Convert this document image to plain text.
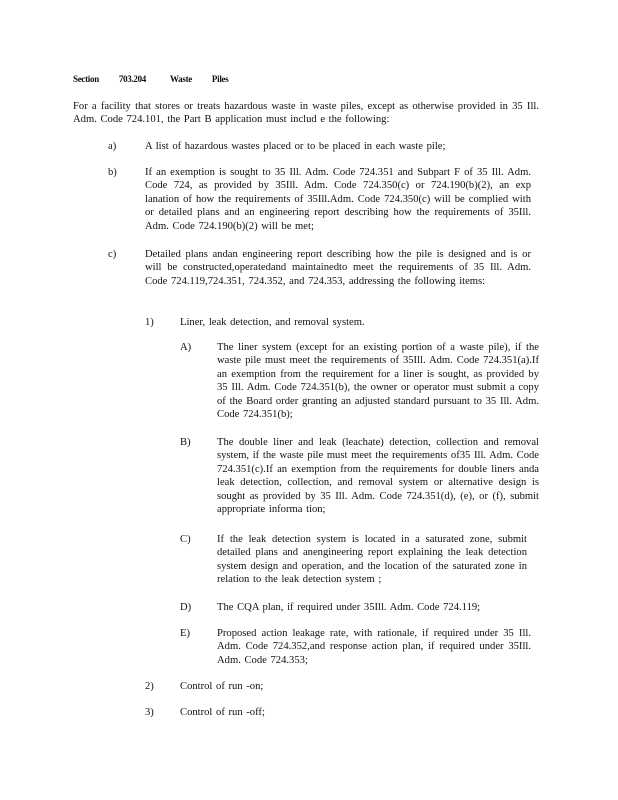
Section 703.204	Waste Piles

For a facility that stores or treats hazardous waste in waste piles, except as otherwise provided in 35 Ill. Adm. Code 724.101, the Part B application must includ e the following:

a)	A list of hazardous wastes placed or to be placed in each waste pile;

b)	If an exemption is sought to 35 Ill. Adm. Code 724.351 and Subpart F of 35 Ill. Adm. Code 724, as provided by 35Ill. Adm. Code 724.350(c) or 724.190(b)(2), an exp lanation of how the requirements of 35Ill.Adm. Code 724.350(c) will be complied with or detailed plans and an engineering report describing how the requirements of 35Ill. Adm. Code 724.190(b)(2) will be met;

c)	Detailed plans andan engineering report describing how the pile is designed and is or will be constructed,operatedand maintainedto meet the requirements of 35 Ill. Adm. Code 724.119,724.351, 724.352, and 724.353, addressing the following items:

1) Liner, leak detection, and removal system.

A) The liner system (except for an existing portion of a waste pile), if the waste pile must meet the requirements of 35Ill. Adm. Code 724.351(a).If an exemption from the requirement for a liner is sought, as provided by 35 Ill. Adm. Code 724.351(b), the owner or operator must submit a copy of the Board order granting an adjusted standard pursuant to 35 Ill. Adm. Code 724.351(b);

B) The double liner and leak (leachate) detection, collection and removal system, if the waste pile must meet the requirements of35 Ill. Adm. Code 724.351(c).If an exemption from the requirements for double liners anda leak detection, collection, and removal system or alternative design is sought as provided by 35 Ill. Adm. Code 724.351(d), (e), or (f), submit appropriate informa tion;

C) If the leak detection system is located in a saturated zone, submit detailed plans and anengineering report explaining the leak detection system design and operation, and the location of the saturated zone in relation to the leak detection system ;

D) The CQA plan, if required under 35Ill. Adm. Code 724.119;

E)	Proposed action leakage rate, with rationale, if required under 35 Ill. Adm. Code 724.352,and response action plan, if required under 35Ill. Adm. Code 724.353;

2) Control of run -on;

3) Control of run -off;
